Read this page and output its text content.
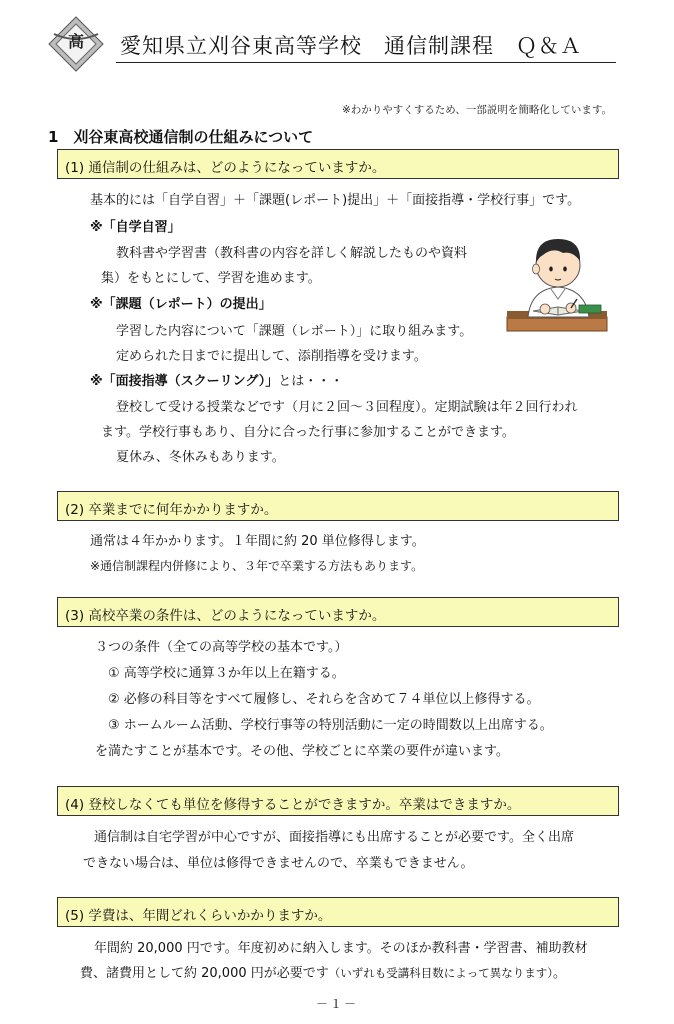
高 愛知県立刈谷東高等学校　通信制課程　Ｑ＆Ａ
※わかりやすくするため、一部説明を簡略化しています。
1　刈谷東高校通信制の仕組みについて
(1) 通信制の仕組みは、どのようになっていますか。
基本的には「自学自習」＋「課題(レポート)提出」＋「面接指導・学校行事」です。
※「自学自習」
教科書や学習書（教科書の内容を詳しく解説したものや資料
集）をもとにして、学習を進めます。
※「課題（レポート）の提出」
学習した内容について「課題（レポート）」に取り組みます。
定められた日までに提出して、添削指導を受けます。
※「面接指導（スクーリング）」とは・・・
登校して受ける授業などです（月に２回～３回程度）。定期試験は年２回行われ
ます。学校行事もあり、自分に合った行事に参加することができます。
夏休み、冬休みもあります。
(2) 卒業までに何年かかりますか。
通常は４年かかります。１年間に約 20 単位修得します。
※通信制課程内併修により、３年で卒業する方法もあります。
(3) 高校卒業の条件は、どのようになっていますか。
３つの条件（全ての高等学校の基本です。）
① 高等学校に通算３か年以上在籍する。
② 必修の科目等をすべて履修し、それらを含めて７４単位以上修得する。
③ ホームルーム活動、学校行事等の特別活動に一定の時間数以上出席する。
を満たすことが基本です。その他、学校ごとに卒業の要件が違います。
(4) 登校しなくても単位を修得することができますか。卒業はできますか。
通信制は自宅学習が中心ですが、面接指導にも出席することが必要です。全く出席
できない場合は、単位は修得できませんので、卒業もできません。
(5) 学費は、年間どれくらいかかりますか。
年間約 20,000 円です。年度初めに納入します。そのほか教科書・学習書、補助教材
費、諸費用として約 20,000 円が必要です（いずれも受講科目数によって異なります）。
－１－
